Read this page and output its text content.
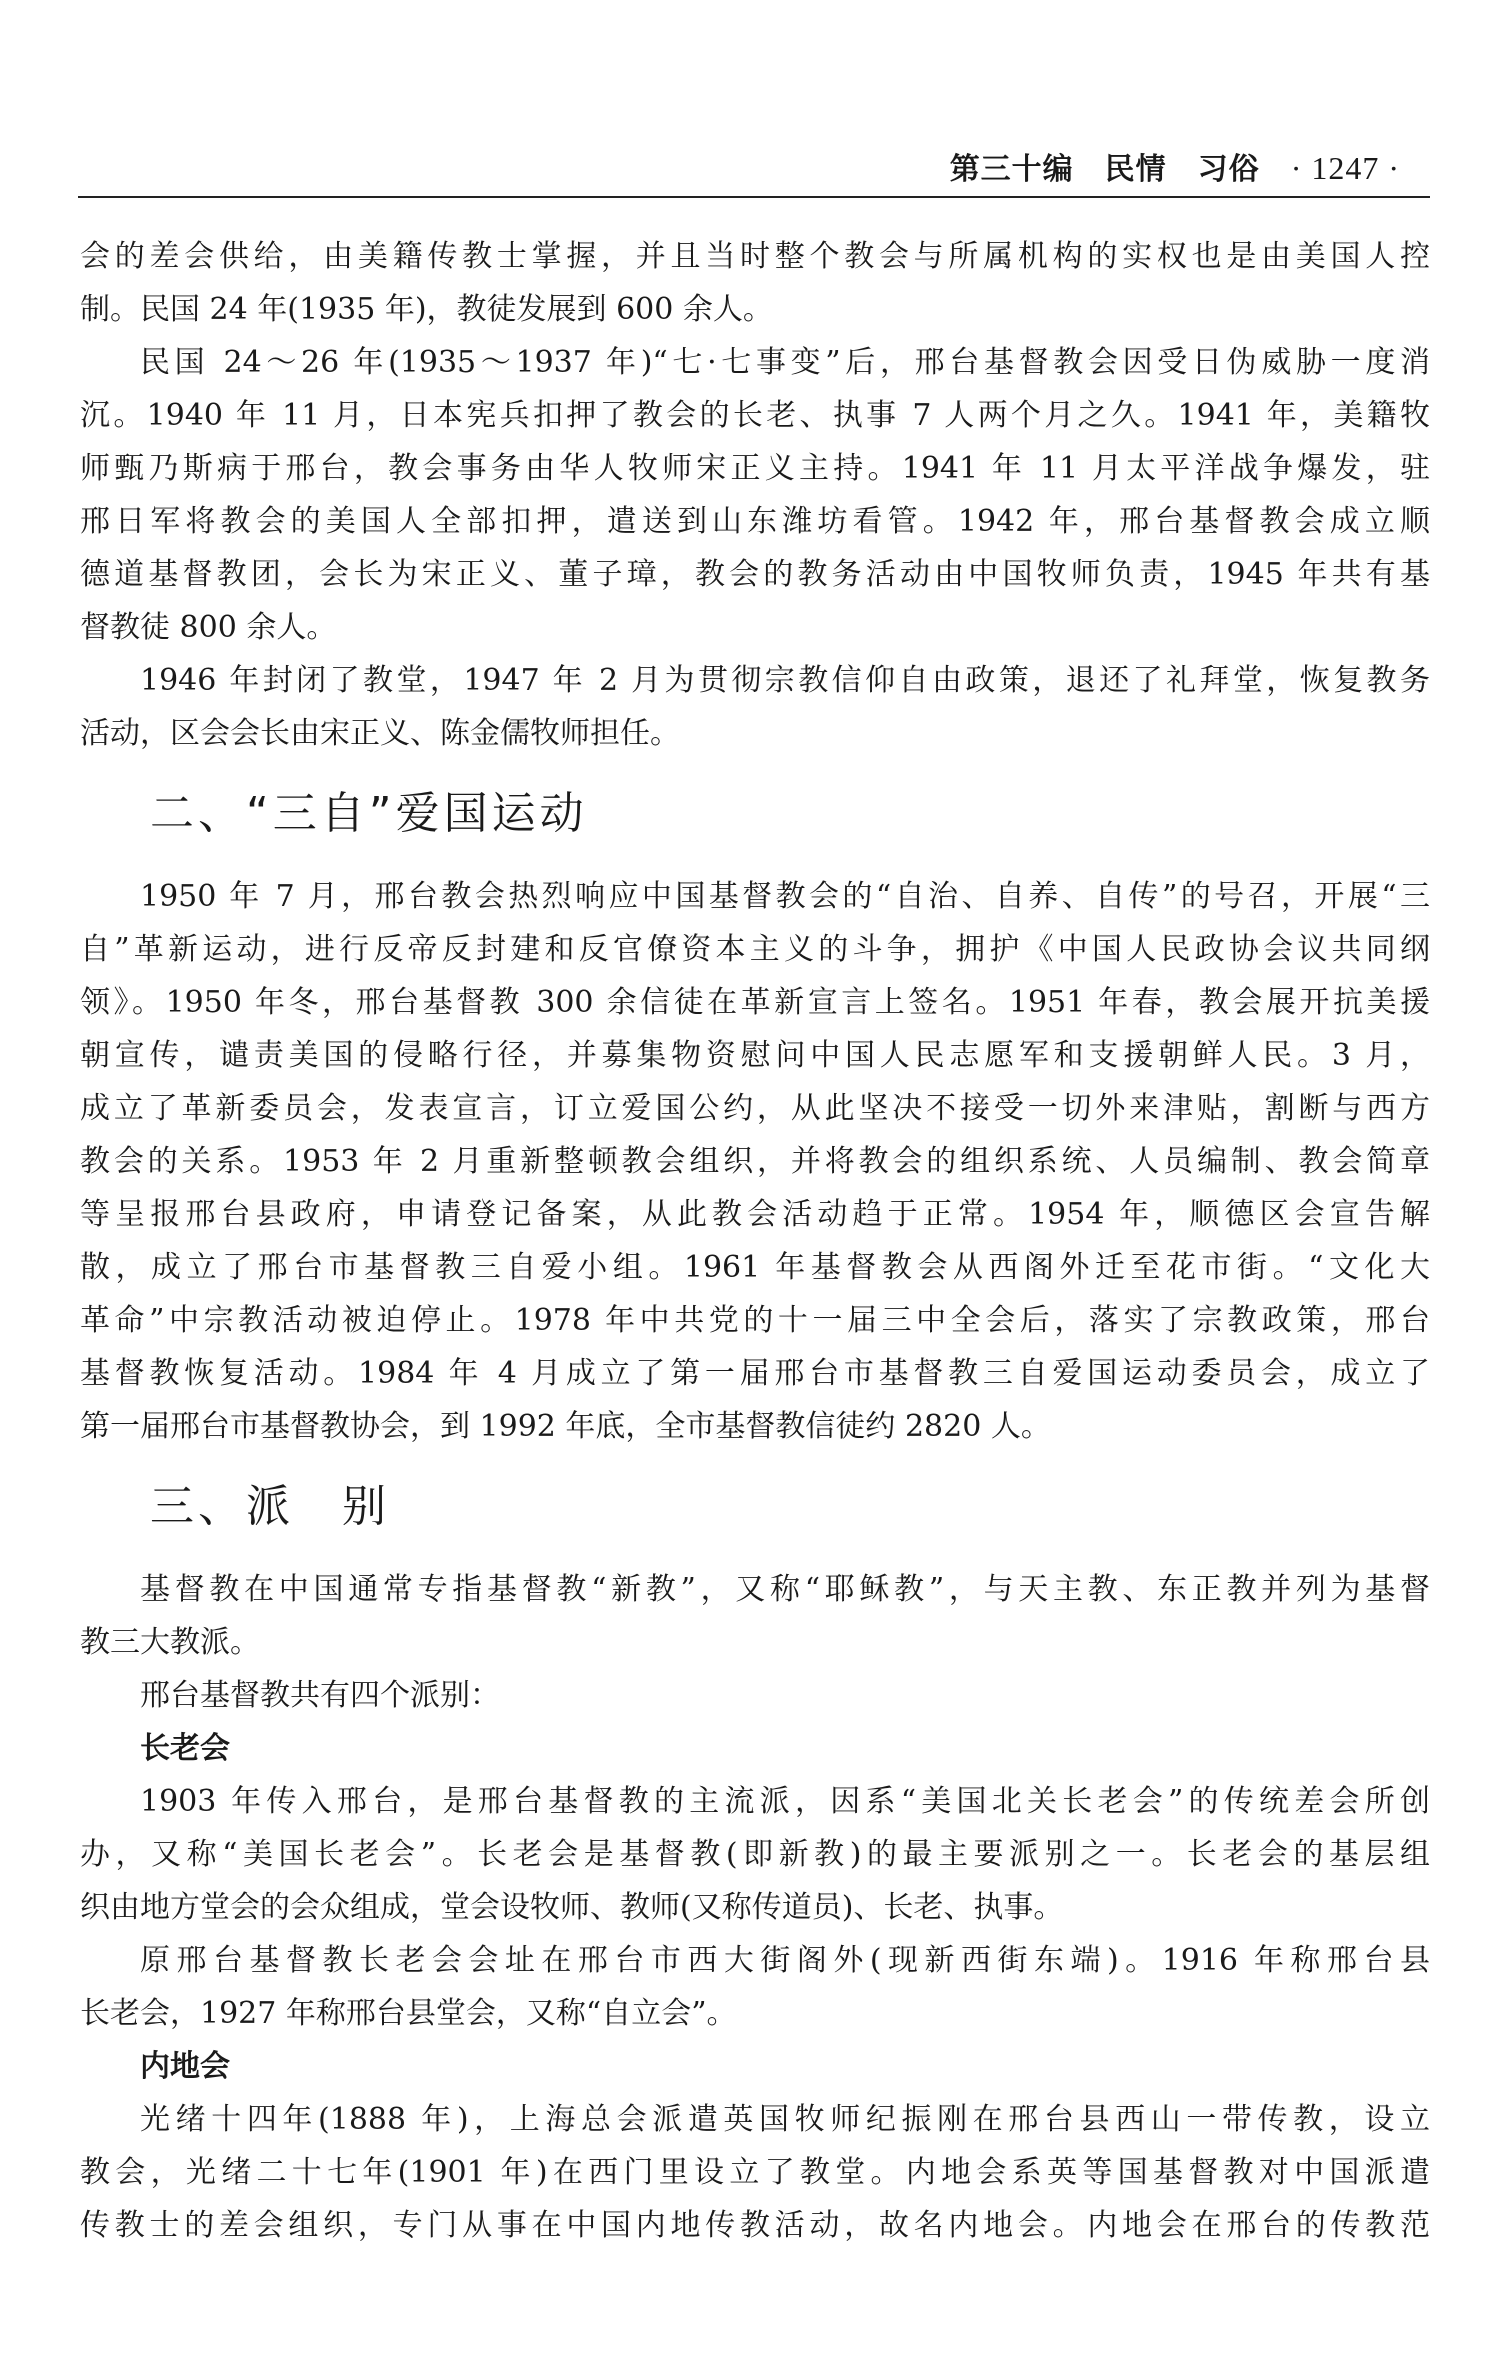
第三十编　民情　习俗　 · 1247 ·
会的差会供给，由美籍传教士掌握，并且当时整个教会与所属机构的实权也是由美国人控
制。民国 24 年(1935 年)，教徒发展到 600 余人。
民国 24～26 年(1935～1937 年)“七·七事变”后，邢台基督教会因受日伪威胁一度消
沉。1940 年 11 月，日本宪兵扣押了教会的长老、执事 7 人两个月之久。1941 年，美籍牧
师甄乃斯病于邢台，教会事务由华人牧师宋正义主持。1941 年 11 月太平洋战争爆发，驻
邢日军将教会的美国人全部扣押，遣送到山东潍坊看管。1942 年，邢台基督教会成立顺
德道基督教团，会长为宋正义、董子璋，教会的教务活动由中国牧师负责，1945 年共有基
督教徒 800 余人。
1946 年封闭了教堂，1947 年 2 月为贯彻宗教信仰自由政策，退还了礼拜堂，恢复教务
活动，区会会长由宋正义、陈金儒牧师担任。
二、“三自”爱国运动
1950 年 7 月，邢台教会热烈响应中国基督教会的“自治、自养、自传”的号召，开展“三
自”革新运动，进行反帝反封建和反官僚资本主义的斗争，拥护《中国人民政协会议共同纲
领》。1950 年冬，邢台基督教 300 余信徒在革新宣言上签名。1951 年春，教会展开抗美援
朝宣传，谴责美国的侵略行径，并募集物资慰问中国人民志愿军和支援朝鲜人民。3 月，
成立了革新委员会，发表宣言，订立爱国公约，从此坚决不接受一切外来津贴，割断与西方
教会的关系。1953 年 2 月重新整顿教会组织，并将教会的组织系统、人员编制、教会简章
等呈报邢台县政府，申请登记备案，从此教会活动趋于正常。1954 年，顺德区会宣告解
散，成立了邢台市基督教三自爱小组。1961 年基督教会从西阁外迁至花市街。“文化大
革命”中宗教活动被迫停止。1978 年中共党的十一届三中全会后，落实了宗教政策，邢台
基督教恢复活动。1984 年 4 月成立了第一届邢台市基督教三自爱国运动委员会，成立了
第一届邢台市基督教协会，到 1992 年底，全市基督教信徒约 2820 人。
三、派　别
基督教在中国通常专指基督教“新教”，又称“耶稣教”，与天主教、东正教并列为基督
教三大教派。
邢台基督教共有四个派别：
长老会
1903 年传入邢台，是邢台基督教的主流派，因系“美国北关长老会”的传统差会所创
办，又称“美国长老会”。长老会是基督教(即新教)的最主要派别之一。长老会的基层组
织由地方堂会的会众组成，堂会设牧师、教师(又称传道员)、长老、执事。
原邢台基督教长老会会址在邢台市西大街阁外(现新西街东端)。1916 年称邢台县
长老会，1927 年称邢台县堂会，又称“自立会”。
内地会
光绪十四年(1888 年)，上海总会派遣英国牧师纪振刚在邢台县西山一带传教，设立
教会，光绪二十七年(1901 年)在西门里设立了教堂。内地会系英等国基督教对中国派遣
传教士的差会组织，专门从事在中国内地传教活动，故名内地会。内地会在邢台的传教范
